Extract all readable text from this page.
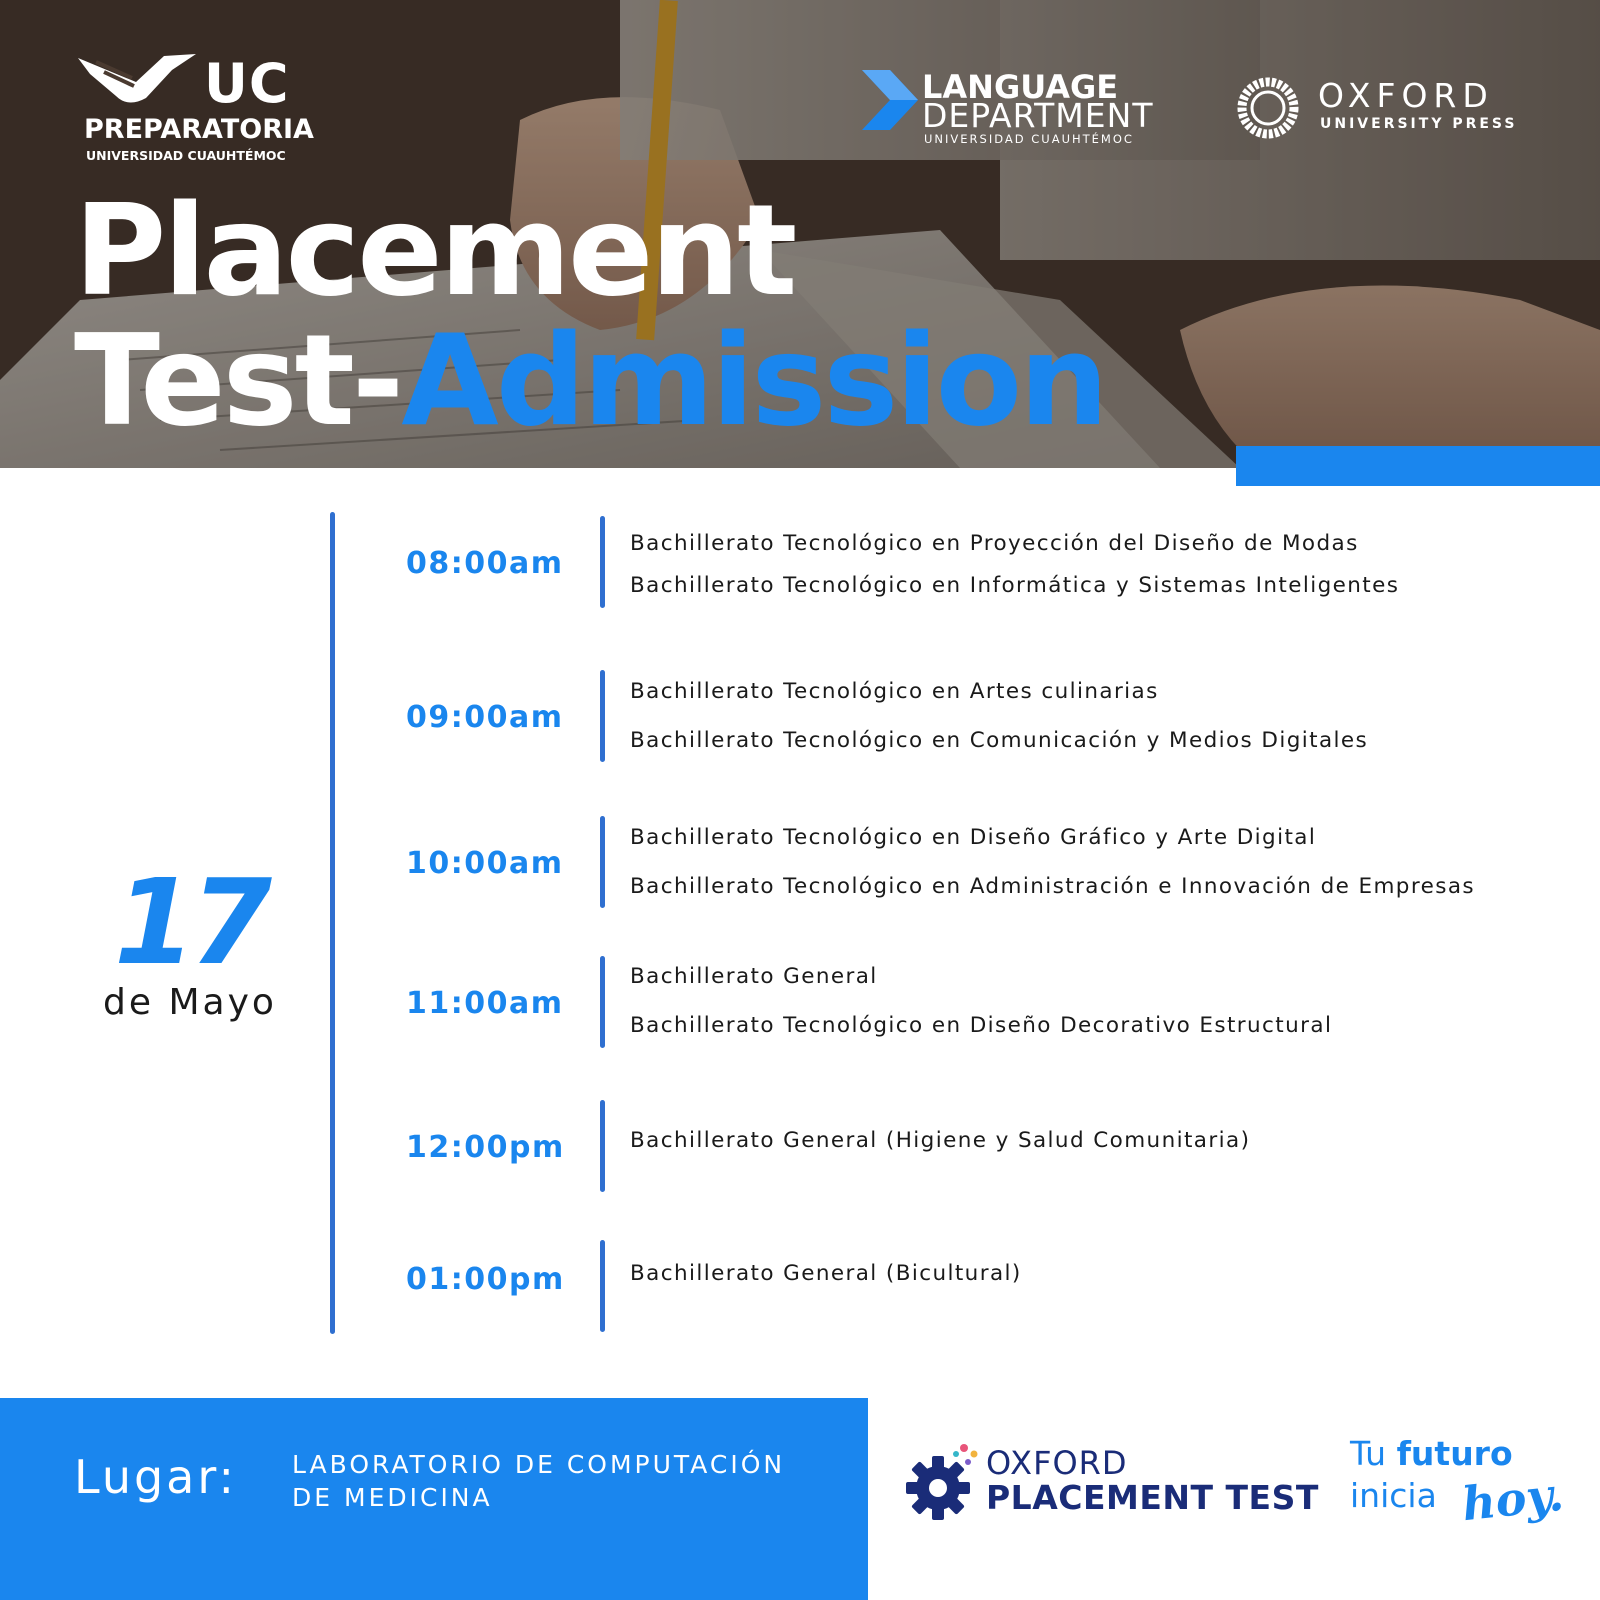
UC
PREPARATORIA
UNIVERSIDAD CUAUHTÉMOC
LANGUAGE
DEPARTMENT
UNIVERSIDAD CUAUHTÉMOC
OXFORD
UNIVERSITY PRESS
Placement
Test-Admission
17
de Mayo
08:00am
Bachillerato Tecnológico en Proyección del Diseño de Modas
Bachillerato Tecnológico en Informática y Sistemas Inteligentes
09:00am
Bachillerato Tecnológico en Artes culinarias
Bachillerato Tecnológico en Comunicación y Medios Digitales
10:00am
Bachillerato Tecnológico en Diseño Gráfico y Arte Digital
Bachillerato Tecnológico en Administración e Innovación de Empresas
11:00am
Bachillerato General
Bachillerato Tecnológico en Diseño Decorativo Estructural
12:00pm	Bachillerato General (Higiene y Salud Comunitaria)
01:00pm	Bachillerato General (Bicultural)
Lugar: LABORATORIO DE COMPUTACIÓN
DE MEDICINA
OXFORD
PLACEMENT TEST
Tu futuro
inicia hoy.
